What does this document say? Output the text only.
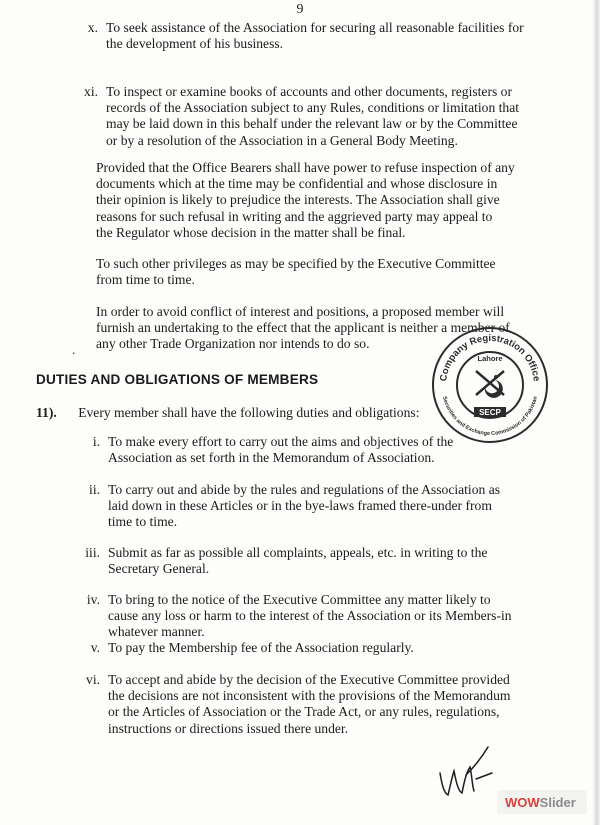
9
x. To seek assistance of the Association for securing all reasonable facilities for
the development of his business.
xi. To inspect or examine books of accounts and other documents, registers or
records of the Association subject to any Rules, conditions or limitation that
may be laid down in this behalf under the relevant law or by the Committee
or by a resolution of the Association in a General Body Meeting.
Provided that the Office Bearers shall have power to refuse inspection of any
documents which at the time may be confidential and whose disclosure in
their opinion is likely to prejudice the interests. The Association shall give
reasons for such refusal in writing and the aggrieved party may appeal to
the Regulator whose decision in the matter shall be final.
To such other privileges as may be specified by the Executive Committee
from time to time.
In order to avoid conflict of interest and positions, a proposed member will
furnish an undertaking to the effect that the applicant is neither a member of
any other Trade Organization nor intends to do so.
.
DUTIES AND OBLIGATIONS OF MEMBERS
11). Every member shall have the following duties and obligations:
i. To make every effort to carry out the aims and objectives of the
Association as set forth in the Memorandum of Association.
ii. To carry out and abide by the rules and regulations of the Association as
laid down in these Articles or in the bye-laws framed there-under from
time to time.
iii. Submit as far as possible all complaints, appeals, etc. in writing to the
Secretary General.
iv. To bring to the notice of the Executive Committee any matter likely to
cause any loss or harm to the interest of the Association or its Members-in
whatever manner.
v. To pay the Membership fee of the Association regularly.
vi. To accept and abide by the decision of the Executive Committee provided
the decisions are not inconsistent with the provisions of the Memorandum
or the Articles of Association or the Trade Act, or any rules, regulations,
instructions or directions issued there under.
Company Registration Office
Securities and Exchange Commission of Pakistan
Lahore
SECP
WOWSlider
